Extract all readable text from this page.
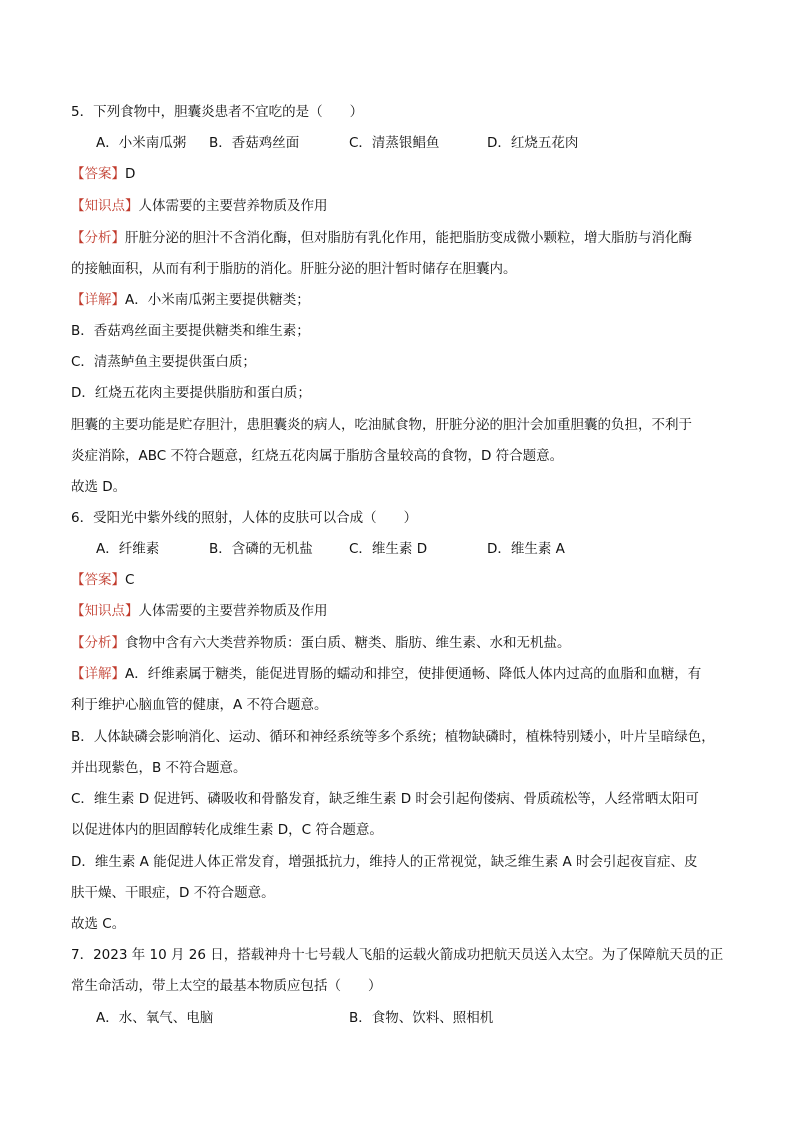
5．下列食物中，胆囊炎患者不宜吃的是（　　）
A．小米南瓜粥 B．香菇鸡丝面	C．清蒸银鲳鱼	D．红烧五花肉
【答案】D
【知识点】人体需要的主要营养物质及作用
【分析】肝脏分泌的胆汁不含消化酶，但对脂肪有乳化作用，能把脂肪变成微小颗粒，增大脂肪与消化酶
的接触面积，从而有利于脂肪的消化。肝脏分泌的胆汁暂时储存在胆囊内。
【详解】A．小米南瓜粥主要提供糖类；
B．香菇鸡丝面主要提供糖类和维生素；
C．清蒸鲈鱼主要提供蛋白质；
D．红烧五花肉主要提供脂肪和蛋白质；
胆囊的主要功能是贮存胆汁，患胆囊炎的病人，吃油腻食物，肝脏分泌的胆汁会加重胆囊的负担，不利于
炎症消除，ABC 不符合题意，红烧五花肉属于脂肪含量较高的食物，D 符合题意。
故选 D。
6．受阳光中紫外线的照射，人体的皮肤可以合成（　　）
A．纤维素	B．含磷的无机盐	C．维生素 D	D．维生素 A
【答案】C
【知识点】人体需要的主要营养物质及作用
【分析】食物中含有六大类营养物质：蛋白质、糖类、脂肪、维生素、水和无机盐。
【详解】A．纤维素属于糖类，能促进胃肠的蠕动和排空，使排便通畅、降低人体内过高的血脂和血糖，有
利于维护心脑血管的健康，A 不符合题意。
B．人体缺磷会影响消化、运动、循环和神经系统等多个系统；植物缺磷时，植株特别矮小，叶片呈暗绿色，
并出现紫色，B 不符合题意。
C．维生素 D 促进钙、磷吸收和骨骼发育，缺乏维生素 D 时会引起佝偻病、骨质疏松等，人经常晒太阳可
以促进体内的胆固醇转化成维生素 D，C 符合题意。
D．维生素 A 能促进人体正常发育，增强抵抗力，维持人的正常视觉，缺乏维生素 A 时会引起夜盲症、皮
肤干燥、干眼症，D 不符合题意。
故选 C。
7．2023 年 10 月 26 日，搭载神舟十七号载人飞船的运载火箭成功把航天员送入太空。为了保障航天员的正
常生命活动，带上太空的最基本物质应包括（　　）
A．水、氧气、电脑	B．食物、饮料、照相机
